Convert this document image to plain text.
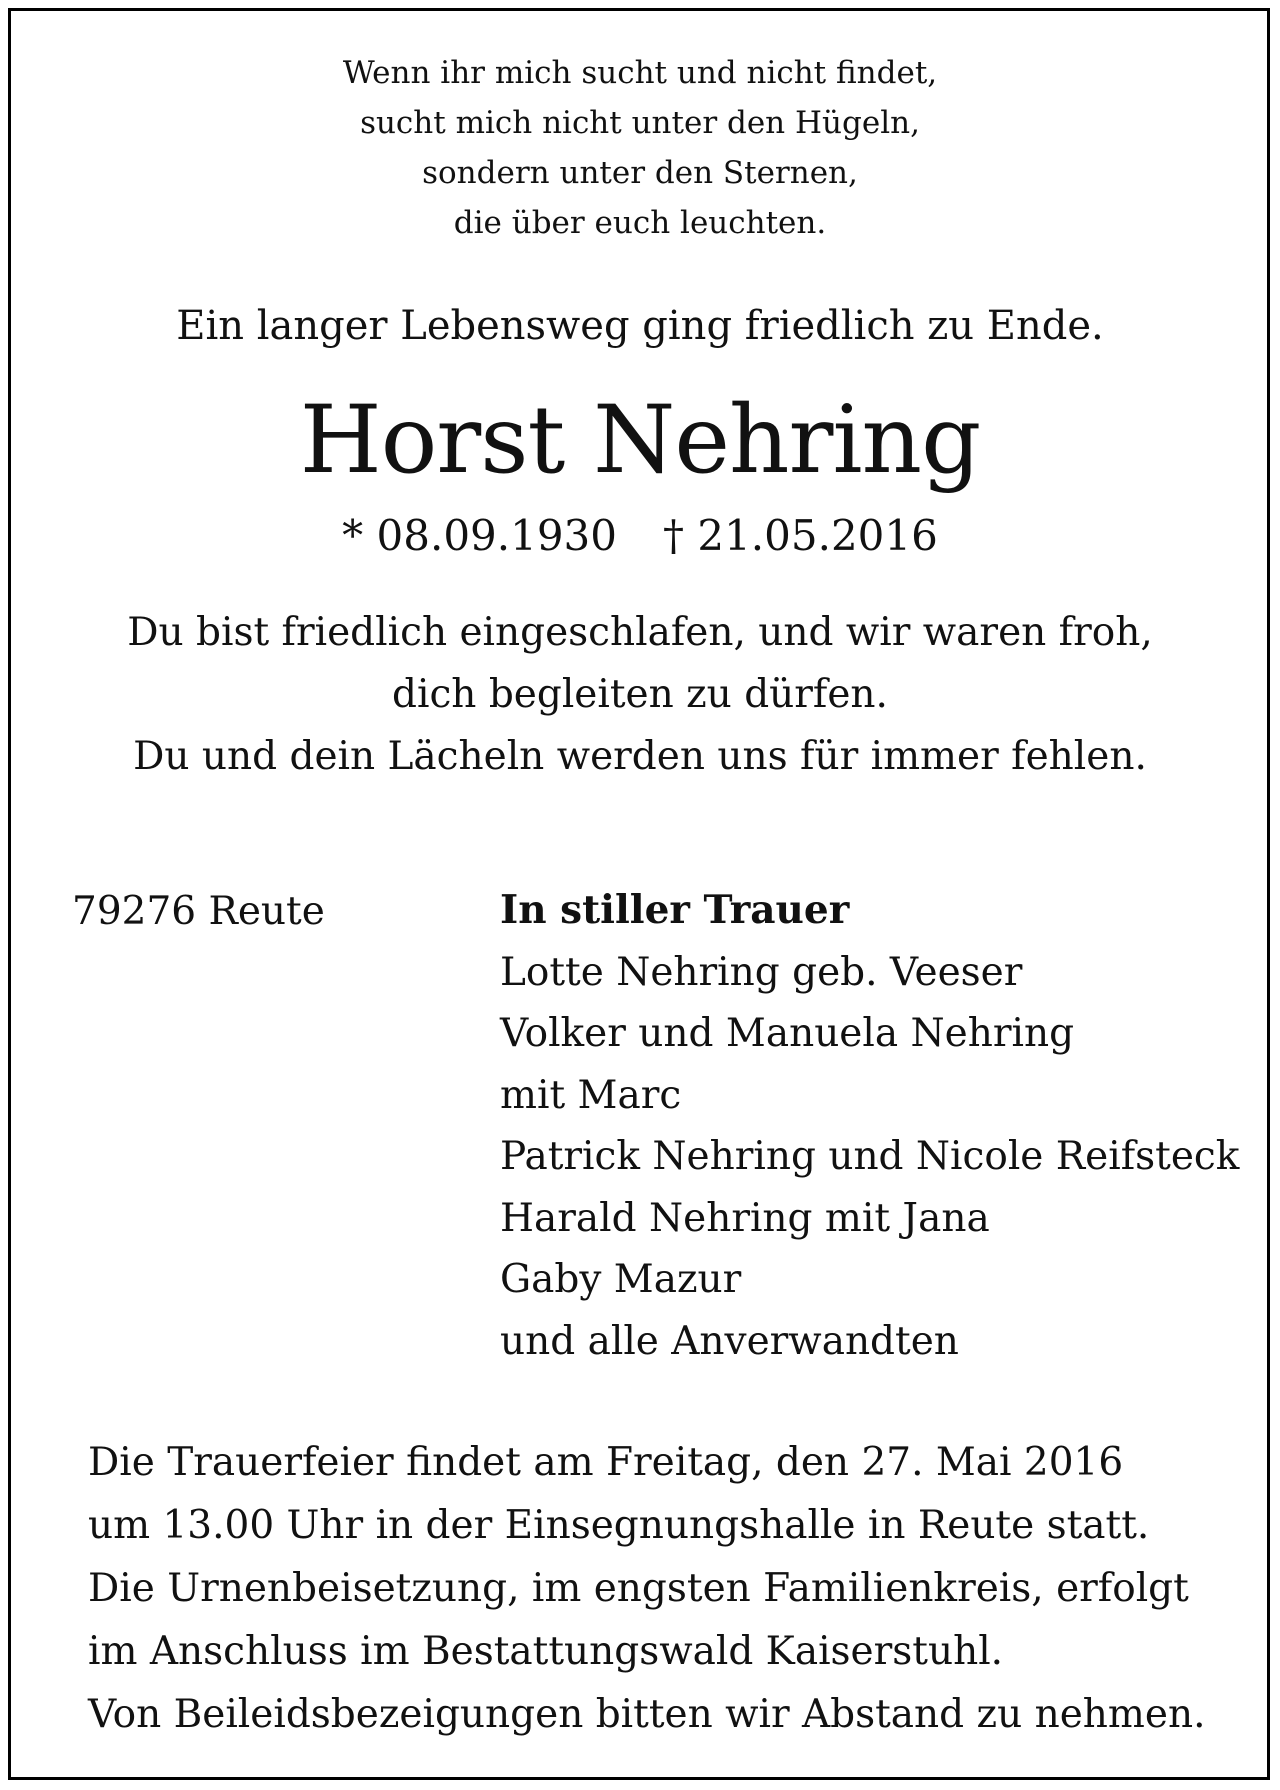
Wenn ihr mich sucht und nicht findet,
sucht mich nicht unter den Hügeln,
sondern unter den Sternen,
die über euch leuchten.
Ein langer Lebensweg ging friedlich zu Ende.
Horst Nehring
* 08.09.1930 † 21.05.2016
Du bist friedlich eingeschlafen, und wir waren froh,
dich begleiten zu dürfen.
Du und dein Lächeln werden uns für immer fehlen.
79276 Reute	In stiller Trauer
Lotte Nehring geb. Veeser
Volker und Manuela Nehring
mit Marc
Patrick Nehring und Nicole Reifsteck
Harald Nehring mit Jana
Gaby Mazur
und alle Anverwandten
Die Trauerfeier findet am Freitag, den 27. Mai 2016
um 13.00 Uhr in der Einsegnungshalle in Reute statt.
Die Urnenbeisetzung, im engsten Familienkreis, erfolgt
im Anschluss im Bestattungswald Kaiserstuhl.
Von Beileidsbezeigungen bitten wir Abstand zu nehmen.
